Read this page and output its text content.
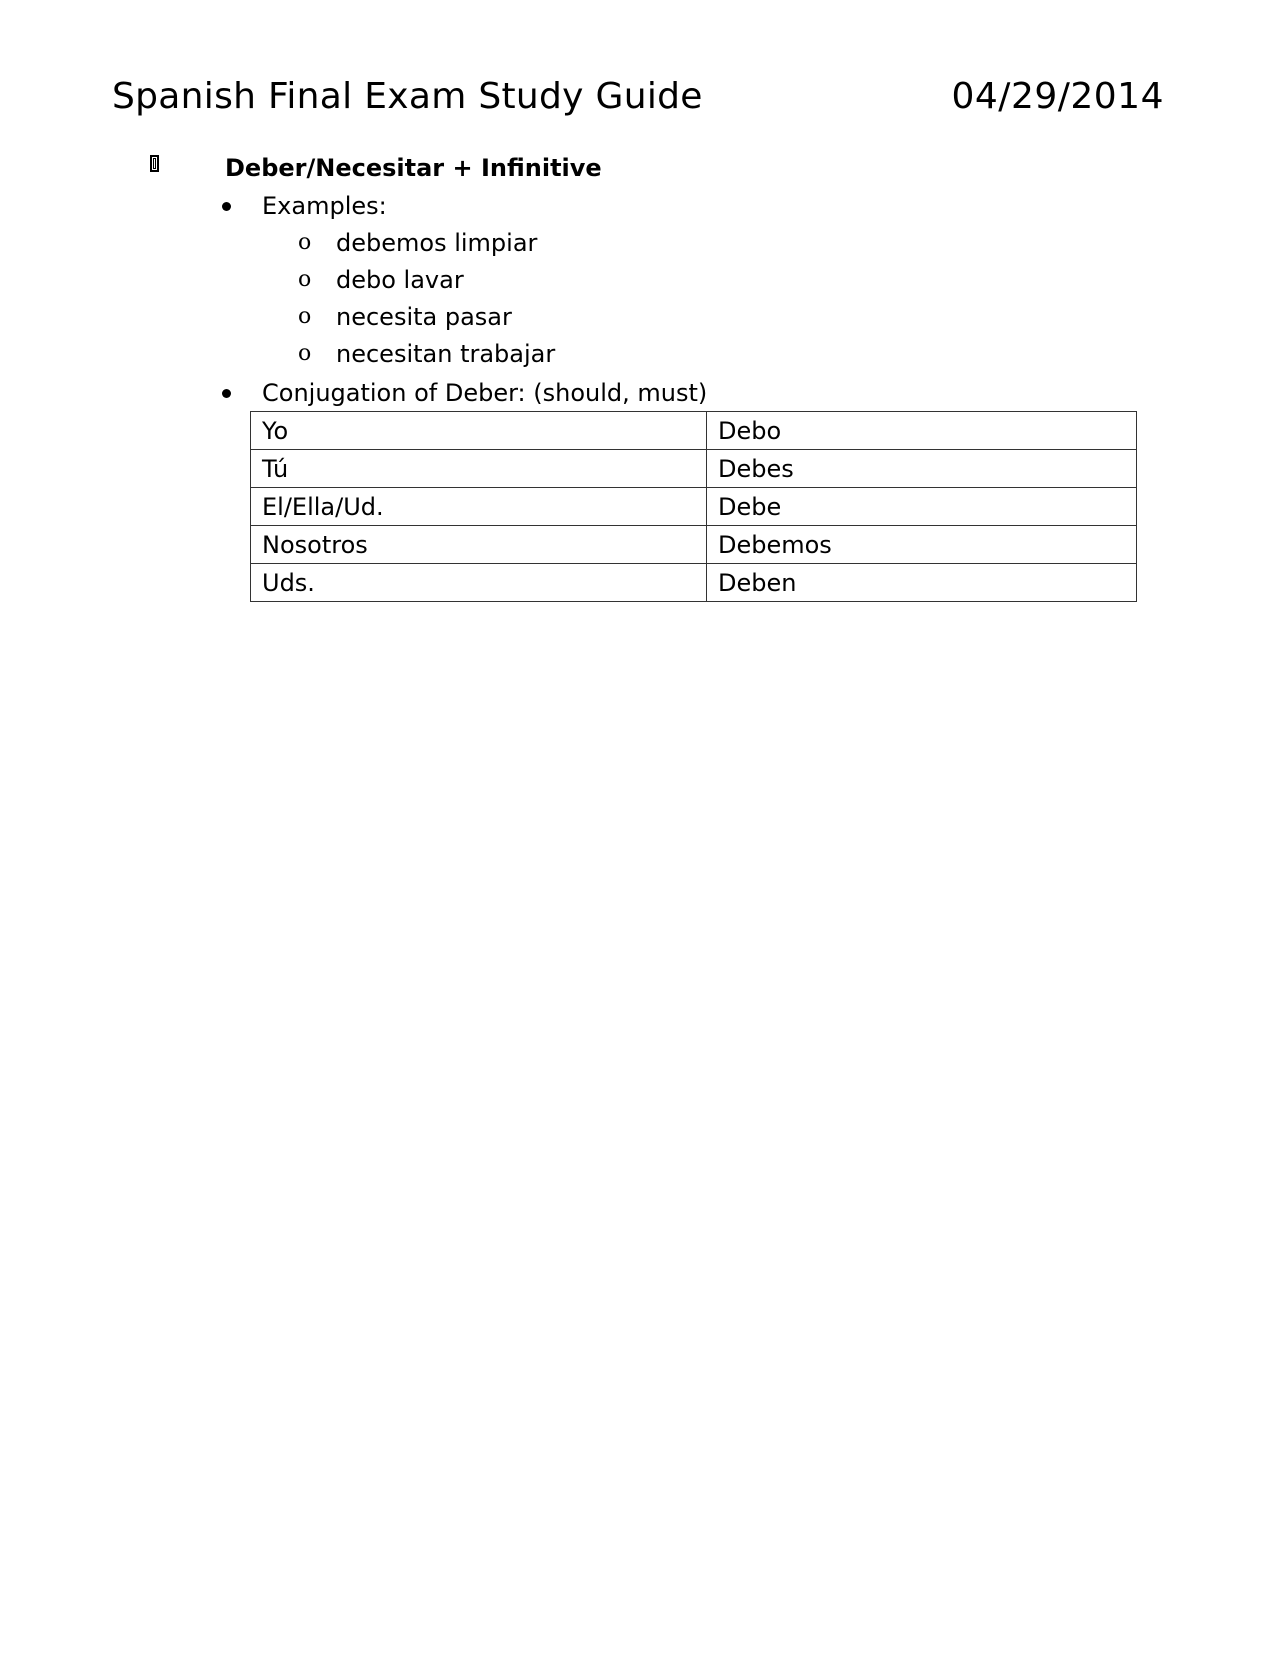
Spanish Final Exam Study Guide	04/29/2014
Deber/Necesitar + Infinitive
Examples:
o debemos limpiar
o debo lavar
o necesita pasar
o necesitan trabajar
Conjugation of Deber: (should, must)
Yo	Debo
Tú	Debes
El/Ella/Ud.	Debe
Nosotros	Debemos
Uds.	Deben
